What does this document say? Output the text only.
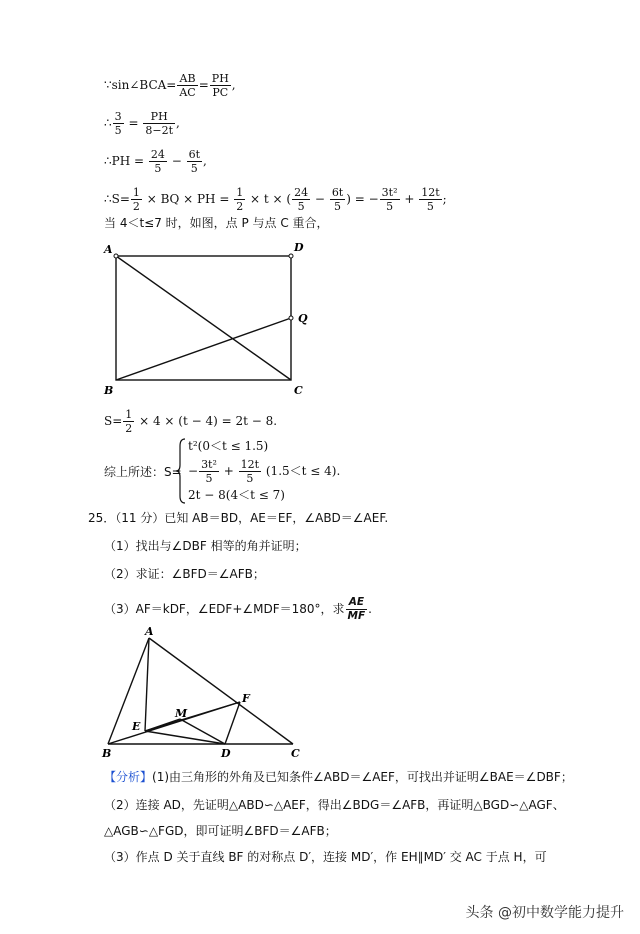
∵sin∠BCA= $\frac{AB}{AC} = \frac{PH}{PC}$ ,
∴ $\frac{3}{5} = \frac{PH}{8-2t}$ ,
∴PH = $\frac{24}{5} - \frac{6t}{5}$ ,
∴S= $\frac{1}{2}$ × BQ × PH = $\frac{1}{2} \times t$ × ( $\frac{24}{5} - \frac{6t}{5}$ ) = − $\frac{\text{3t²}}{5} + \frac{12t}{5}$ ;
当 4＜t≤7 时，如图，点 P 与点 C 重合，
A	D
Q
B	C
$S= \frac{1}{2} \times 4 \times (t - 4) = 2t - 8$.
综上所述：S=
t²(0＜t ≤ 1.5)
− $\frac{\text{3t²}}{5} + \frac{12t}{5} (1.5<t \le 4)$.
2t − 8(4＜t ≤ 7)
25．（11 分）已知 AB＝BD，AE＝EF，∠ABD＝∠AEF.
（1）找出与∠DBF 相等的角并证明；
（2）求证：∠BFD＝∠AFB；
（3）AF＝kDF，∠EDF+∠MDF＝180°，求 $\frac{AE}{MF}$ .
A
F
M
E
B	D	C
【分析】(1)由三角形的外角及已知条件∠ABD＝∠AEF，可找出并证明∠BAE＝∠DBF；
（2）连接 AD，先证明△ABD∽△AEF，得出∠BDG＝∠AFB，再证明△BGD∽△AGF、
△AGB∽△FGD，即可证明∠BFD＝∠AFB；
（3）作点 D 关于直线 BF 的对称点 D′，连接 MD′，作 EH∥MD′ 交 AC 于点 H，可
头条 @初中数学能力提升
